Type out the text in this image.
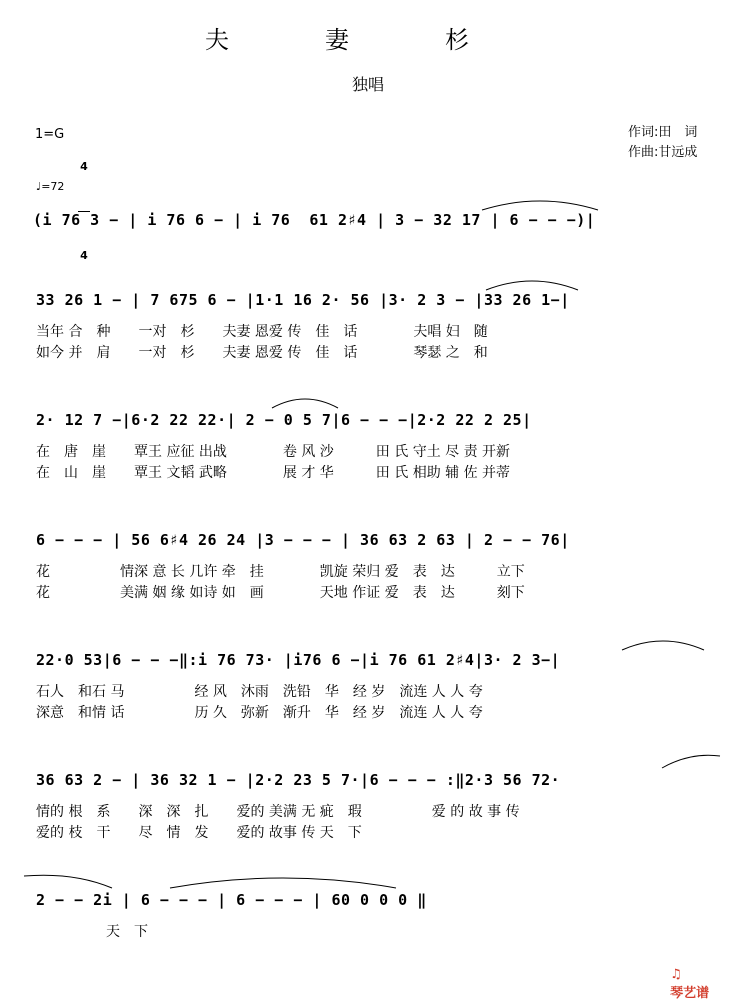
夫　　　　妻　　　　杉
独唱
1=G

4

4

作词:田　词
作曲:甘远成
♩=72
(i 76 3 − | i 76 6 − | i 76  61 2♯4 | 3 − 32 17 | 6 − − −)|
33 26 1 − | 7 675 6 − |1·1 16 2· 56 |3· 2 3 − |33 26 1−|
当年 合　种　　一对　杉　　夫妻 恩爱 传　佳　话　　　　夫唱 妇　随
如今 并　肩　　一对　杉　　夫妻 恩爱 传　佳　话　　　　琴瑟 之　和
2· 12 7 −|6·2 22 22·| 2 − 0 5 7|6 − − −|2·2 22 2 25|
在　唐　崖　　覃王 应征 出战　　　　卷 风 沙　　　田 氏 守土 尽 责 开新
在　山　崖　　覃王 文韬 武略　　　　展 才 华　　　田 氏 相助 辅 佐 并蒂
6 − − − | 56 6♯4 26 24 |3 − − − | 36 63 2 63 | 2 − − 76|
花　　　　　情深 意 长 几许 牵　挂　　　　凯旋 荣归 爱　表　达　　　立下
花　　　　　美满 姻 缘 如诗 如　画　　　　天地 作证 爱　表　达　　　刻下
22·0 53|6 − − −‖:i 76 73· |i76 6 −|i 76 61 2♯4|3· 2 3−|
石人　和石 马　　　　　经 风　沐雨　洗铅　华　经 岁　流连 人 人 夸
深意　和情 话　　　　　历 久　弥新　渐升　华　经 岁　流连 人 人 夸
36 63 2 − | 36 32 1 − |2·2 23 5 7·|6 − − − :‖2·3 56 72·
情的 根　系　　深　深　扎　　爱的 美满 无 疵　瑕　　　　　爱 的 故 事 传
爱的 枝　干　　尽　情　发　　爱的 故事 传 天　下
2 − − 2i | 6 − − − | 6 − − − | 60 0 0 0 ‖
　　　　　天　下

♫
琴艺谱
